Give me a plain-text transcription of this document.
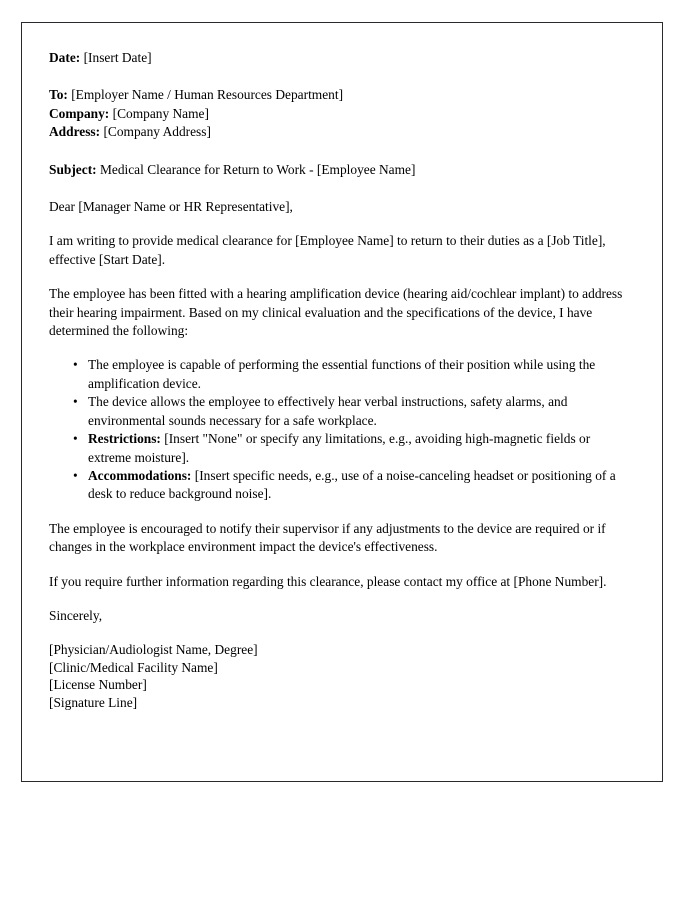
Date: [Insert Date]
To: [Employer Name / Human Resources Department]
Company: [Company Name]
Address: [Company Address]
Subject: Medical Clearance for Return to Work - [Employee Name]

Dear [Manager Name or HR Representative],

I am writing to provide medical clearance for [Employee Name] to return to their duties as a [Job Title], effective [Start Date].

The employee has been fitted with a hearing amplification device (hearing aid/cochlear implant) to address their hearing impairment. Based on my clinical evaluation and the specifications of the device, I have determined the following:

• The employee is capable of performing the essential functions of their position while using the amplification device.
• The device allows the employee to effectively hear verbal instructions, safety alarms, and environmental sounds necessary for a safe workplace.
• Restrictions: [Insert "None" or specify any limitations, e.g., avoiding high-magnetic fields or extreme moisture].
• Accommodations: [Insert specific needs, e.g., use of a noise-canceling headset or positioning of a desk to reduce background noise].

The employee is encouraged to notify their supervisor if any adjustments to the device are required or if changes in the workplace environment impact the device's effectiveness.

If you require further information regarding this clearance, please contact my office at [Phone Number].

Sincerely,

[Physician/Audiologist Name, Degree]
[Clinic/Medical Facility Name]
[License Number]
[Signature Line]
